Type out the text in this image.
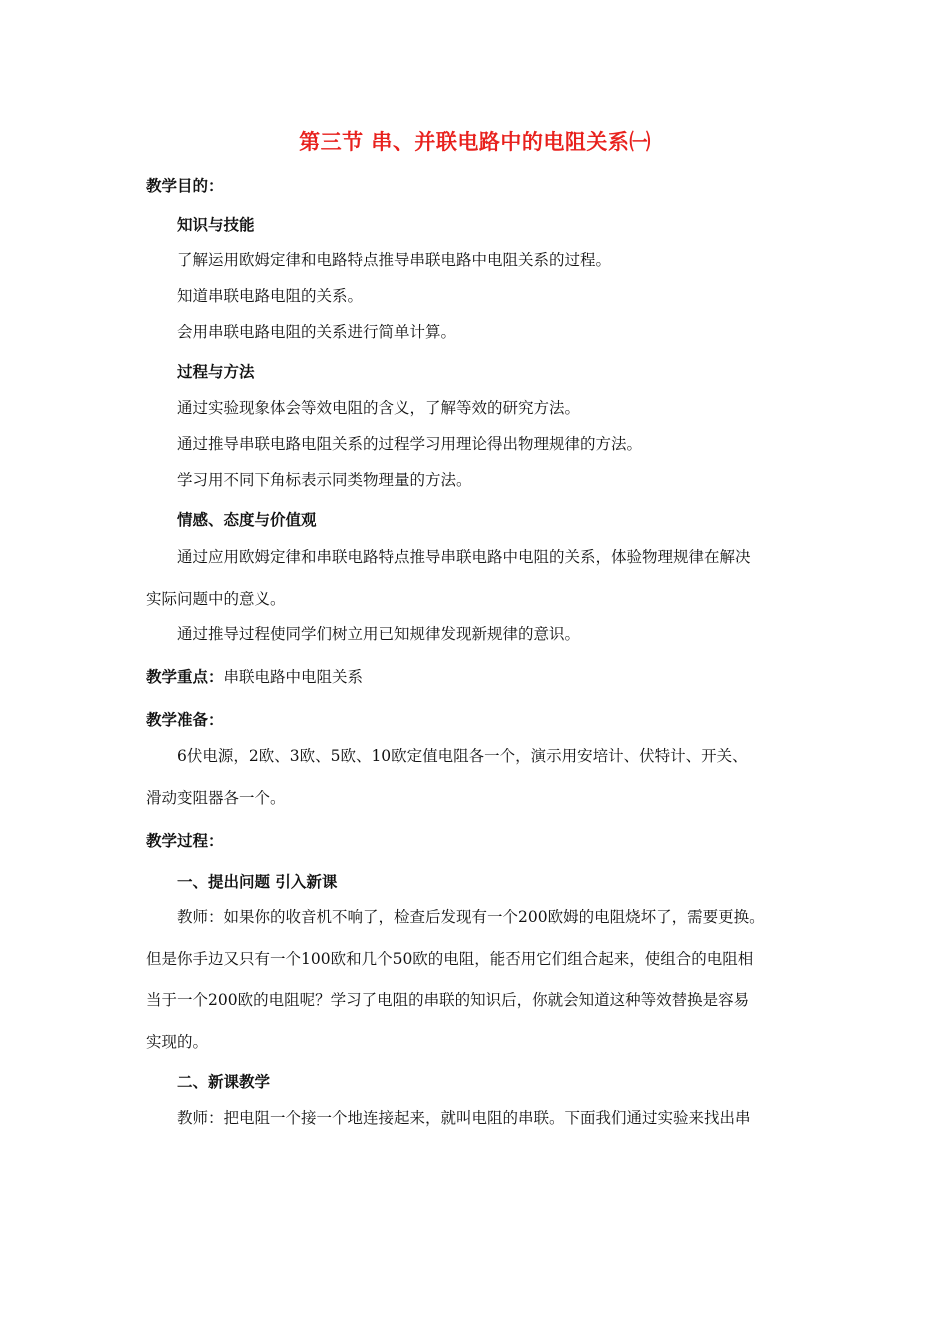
第三节 串、并联电路中的电阻关系㈠
教学目的：
知识与技能
了解运用欧姆定律和电路特点推导串联电路中电阻关系的过程。
知道串联电路电阻的关系。
会用串联电路电阻的关系进行简单计算。
过程与方法
通过实验现象体会等效电阻的含义，了解等效的研究方法。
通过推导串联电路电阻关系的过程学习用理论得出物理规律的方法。
学习用不同下角标表示同类物理量的方法。
情感、态度与价值观
通过应用欧姆定律和串联电路特点推导串联电路中电阻的关系，体验物理规律在解决
实际问题中的意义。
通过推导过程使同学们树立用已知规律发现新规律的意识。
教学重点：串联电路中电阻关系
教学准备：
6伏电源，2欧、3欧、5欧、10欧定值电阻各一个，演示用安培计、伏特计、开关、
滑动变阻器各一个。
教学过程：
一、提出问题 引入新课
教师：如果你的收音机不响了，检查后发现有一个200欧姆的电阻烧坏了，需要更换。
但是你手边又只有一个100欧和几个50欧的电阻，能否用它们组合起来，使组合的电阻相
当于一个200欧的电阻呢？学习了电阻的串联的知识后，你就会知道这种等效替换是容易
实现的。
二、新课教学
教师：把电阻一个接一个地连接起来，就叫电阻的串联。下面我们通过实验来找出串
